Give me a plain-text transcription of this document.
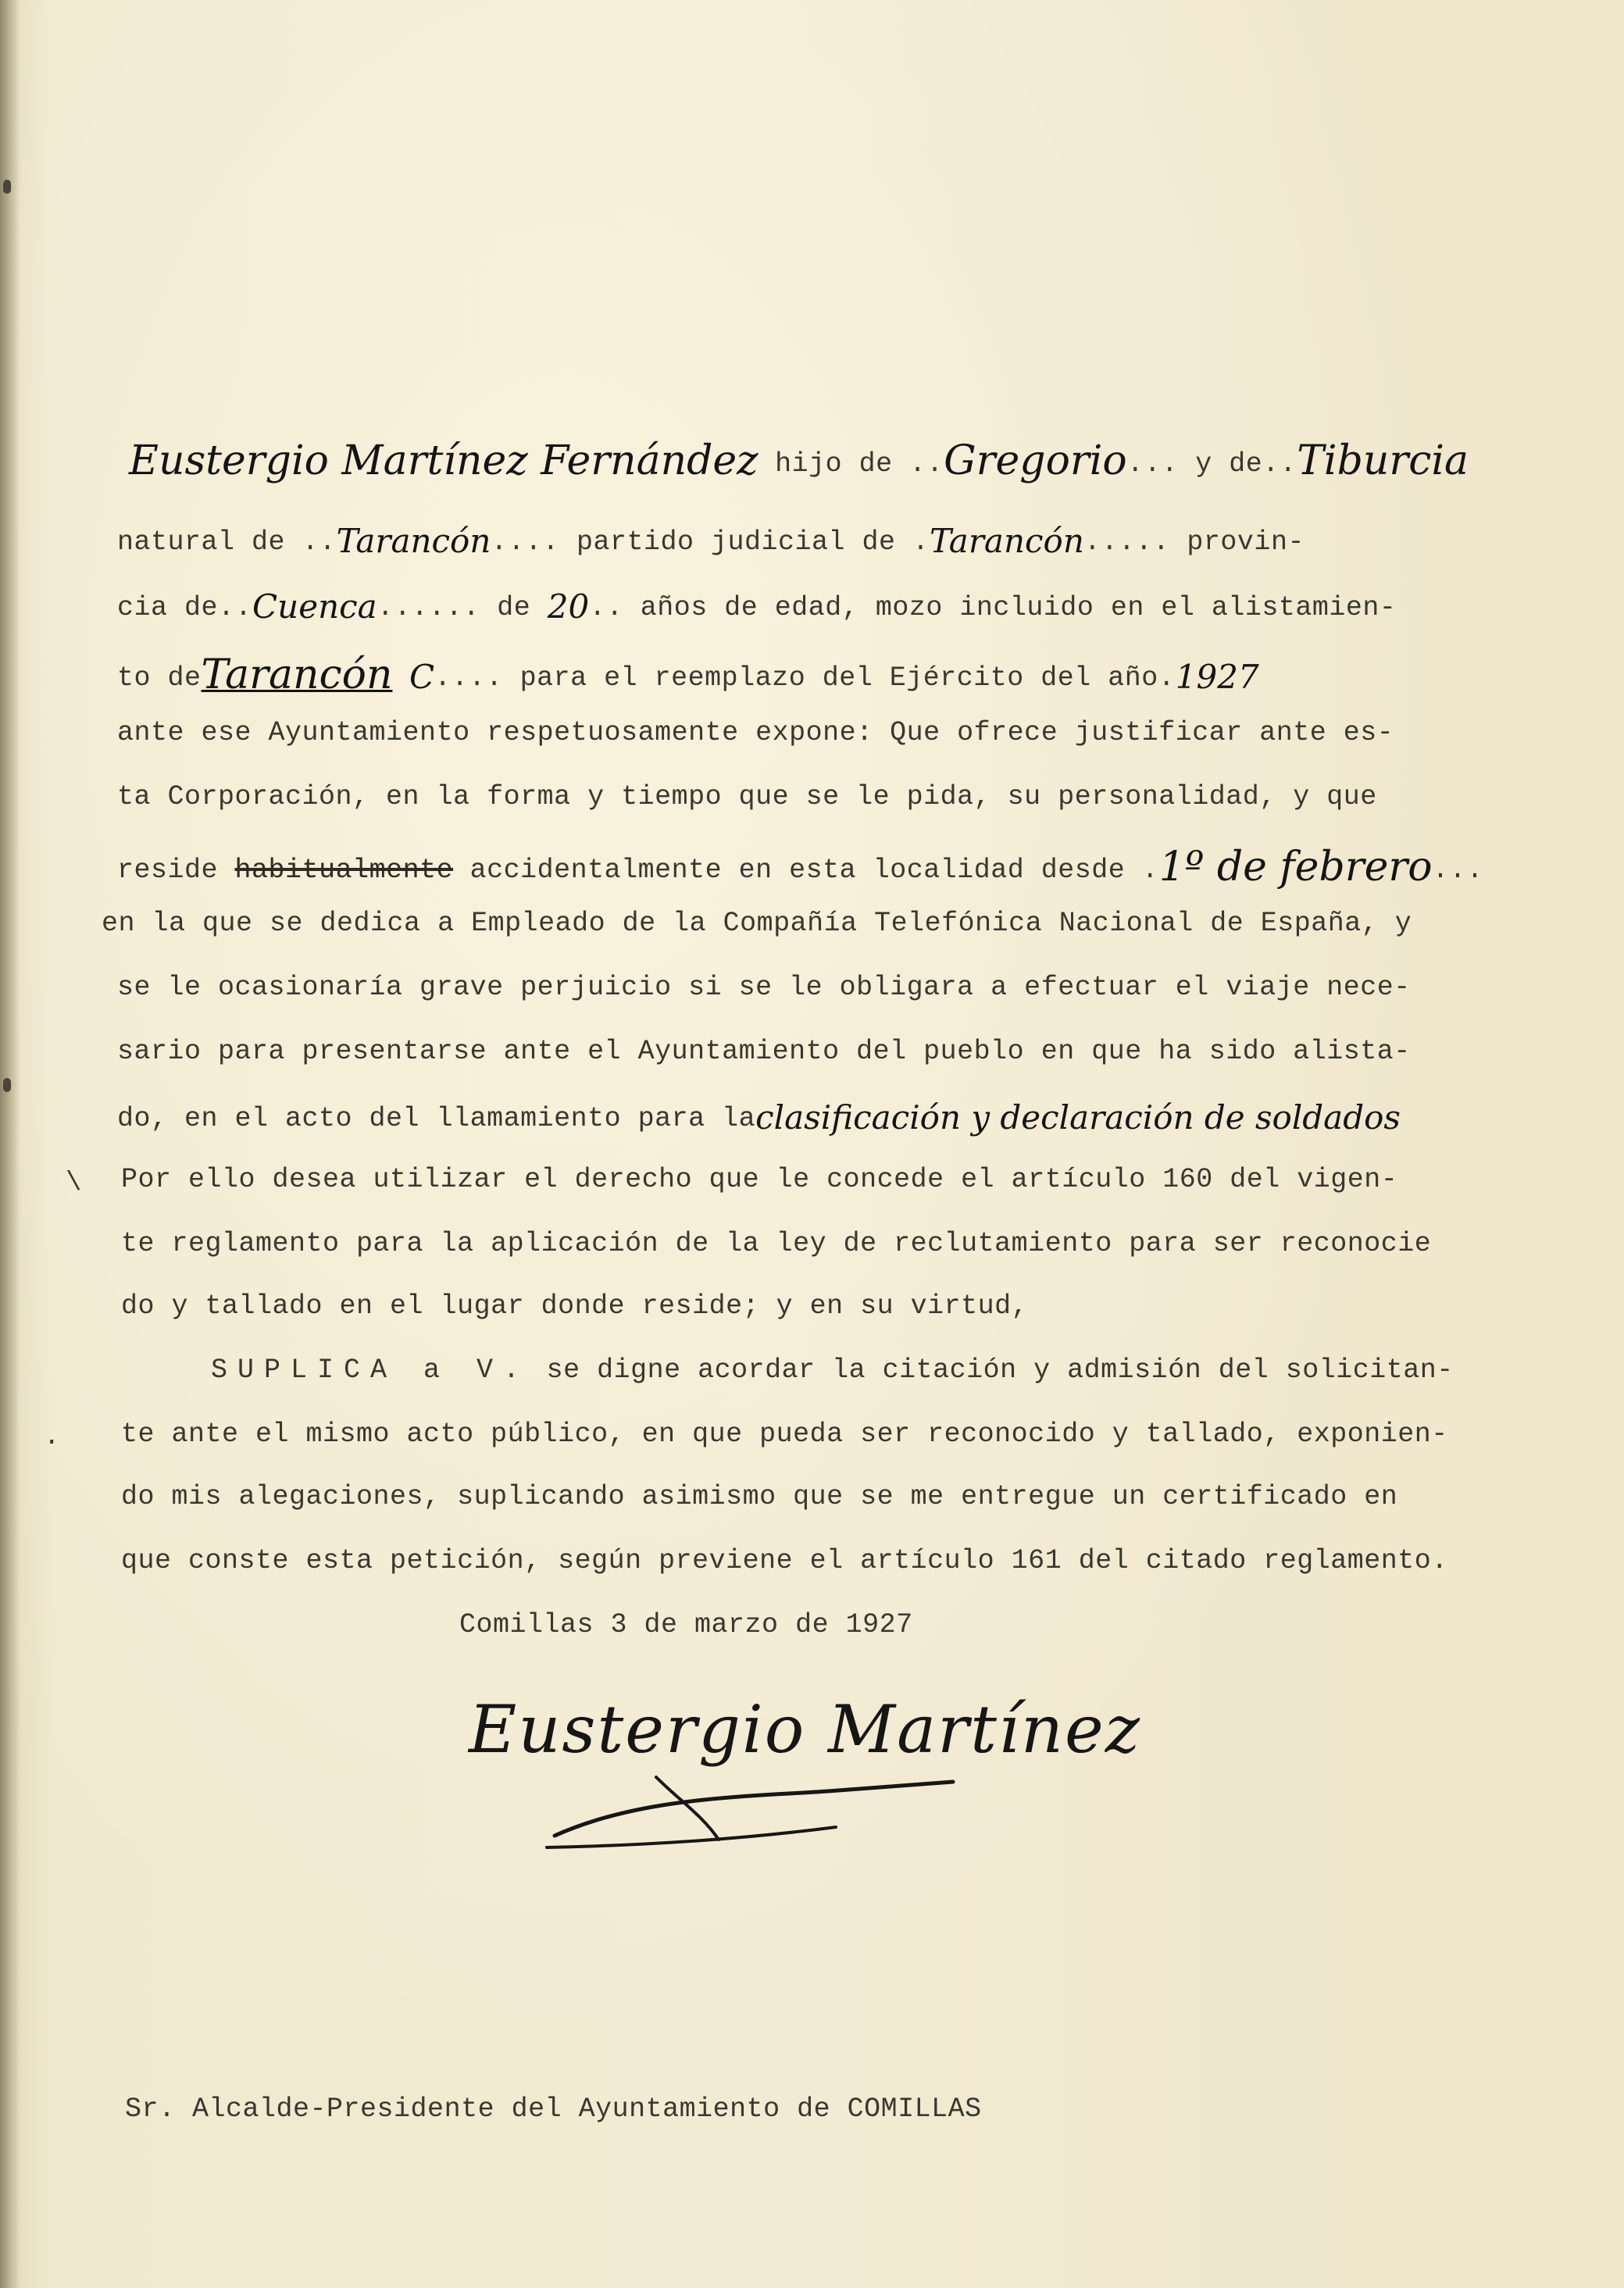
Eustergio Martínez Fernández hijo de ..Gregorio... y de..Tiburcia
natural de ..Tarancón.... partido judicial de .Tarancón..... provin-
cia de..Cuenca...... de 20.. años de edad, mozo incluido en el alistamien-
to deTarancón C.... para el reemplazo del Ejército del año.1927
ante ese Ayuntamiento respetuosamente expone: Que ofrece justificar ante es-
ta Corporación, en la forma y tiempo que se le pida, su personalidad, y que
reside habitualmente accidentalmente en esta localidad desde .1º de febrero...
en la que se dedica a Empleado de la Compañía Telefónica Nacional de España, y
se le ocasionaría grave perjuicio si se le obligara a efectuar el viaje nece-
sario para presentarse ante el Ayuntamiento del pueblo en que ha sido alista-
do, en el acto del llamamiento para laclasificación y declaración de soldados
\ Por ello desea utilizar el derecho que le concede el artículo 160 del vigen-
te reglamento para la aplicación de la ley de reclutamiento para ser reconocie
do y tallado en el lugar donde reside; y en su virtud,
SUPLICA a V. se digne acordar la citación y admisión del solicitan-
· te ante el mismo acto público, en que pueda ser reconocido y tallado, exponien-
do mis alegaciones, suplicando asimismo que se me entregue un certificado en
que conste esta petición, según previene el artículo 161 del citado reglamento.
Comillas 3 de marzo de 1927
Eustergio Martínez
Sr. Alcalde-Presidente del Ayuntamiento de COMILLAS
